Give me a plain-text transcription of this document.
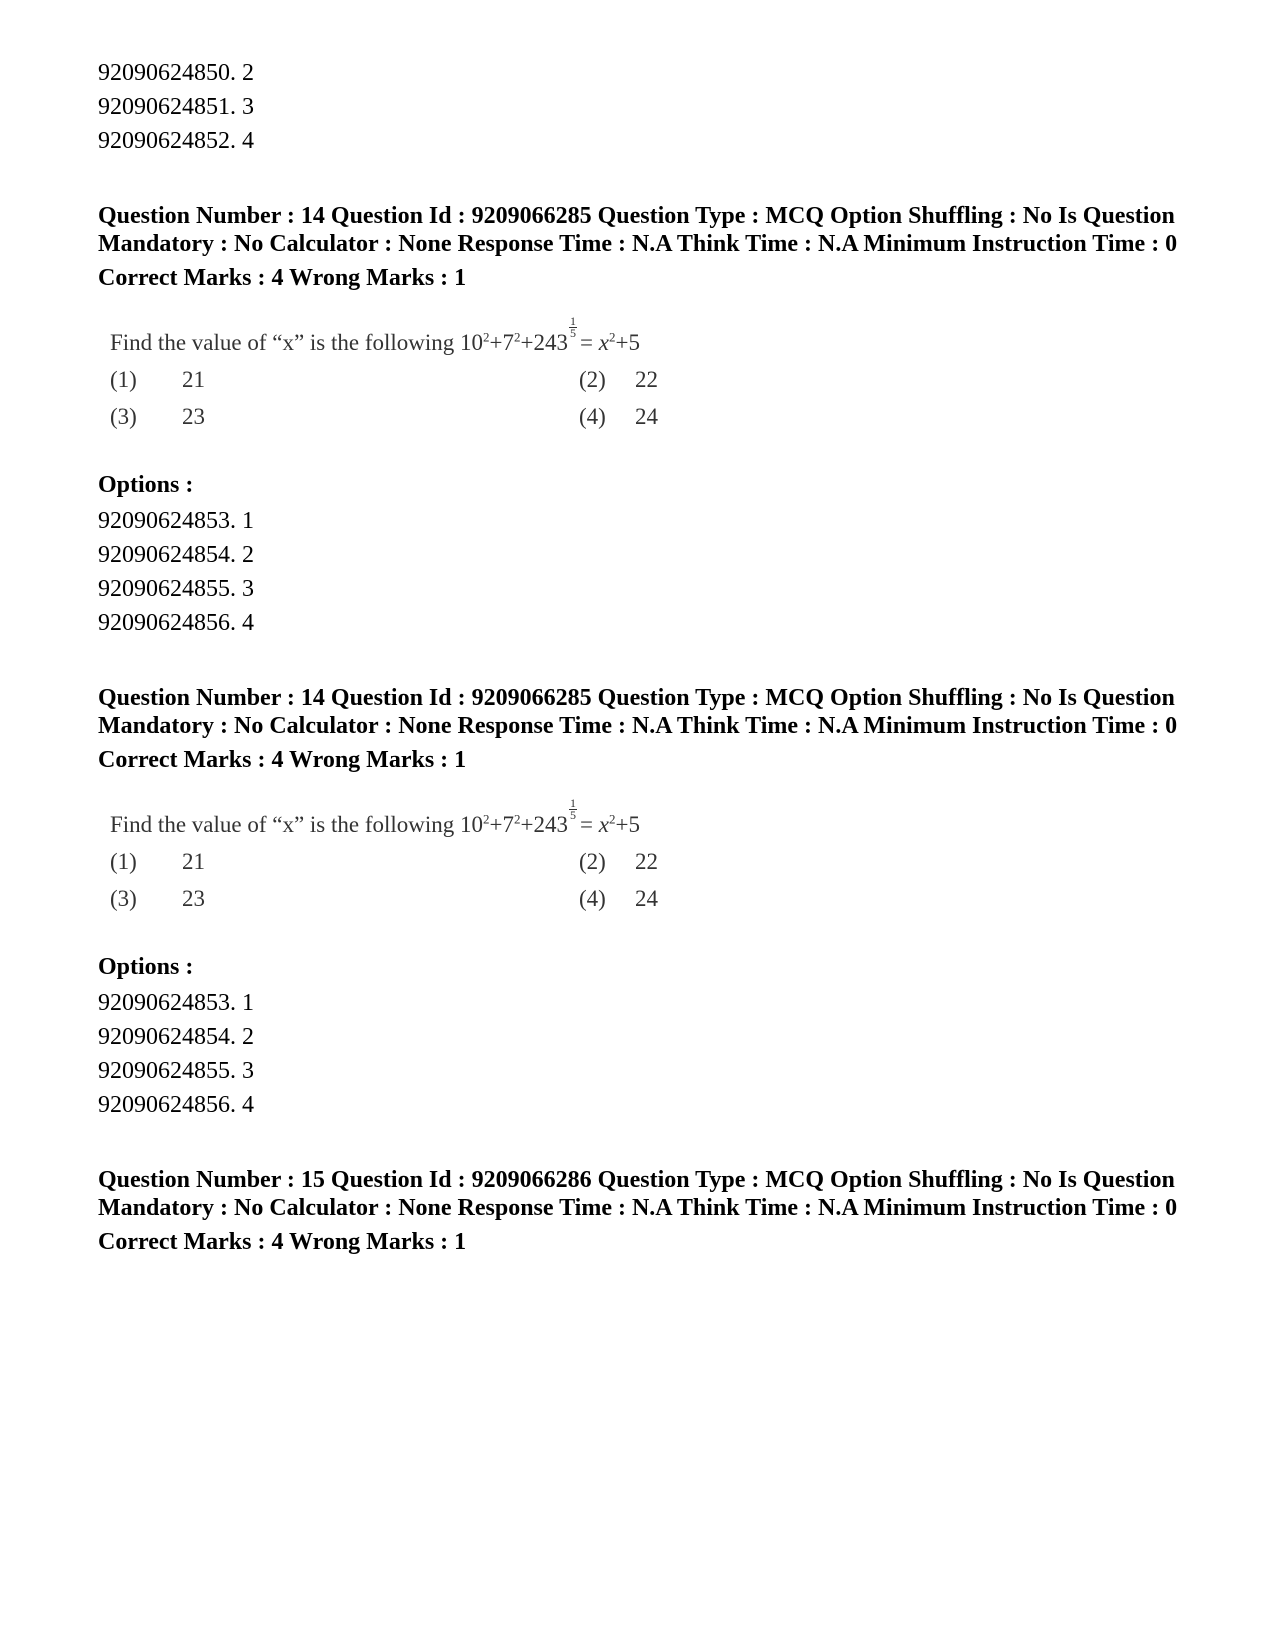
92090624850. 2
92090624851. 3
92090624852. 4
Question Number : 14 Question Id : 9209066285 Question Type : MCQ Option Shuffling : No Is Question Mandatory : No Calculator : None Response Time : N.A Think Time : N.A Minimum Instruction Time : 0
Correct Marks : 4 Wrong Marks : 1
Find the value of “x” is the following $10^2+7^2+243$
$\frac{1}{5}$
= $x^2+5$
(1) 21	(2) 22
(3) 23	(4) 24
Options :
92090624853. 1
92090624854. 2
92090624855. 3
92090624856. 4
Question Number : 14 Question Id : 9209066285 Question Type : MCQ Option Shuffling : No Is Question Mandatory : No Calculator : None Response Time : N.A Think Time : N.A Minimum Instruction Time : 0
Correct Marks : 4 Wrong Marks : 1
Find the value of “x” is the following $10^2+7^2+243$
$\frac{1}{5}$
= $x^2+5$
(1) 21	(2) 22
(3) 23	(4) 24
Options :
92090624853. 1
92090624854. 2
92090624855. 3
92090624856. 4
Question Number : 15 Question Id : 9209066286 Question Type : MCQ Option Shuffling : No Is Question Mandatory : No Calculator : None Response Time : N.A Think Time : N.A Minimum Instruction Time : 0
Correct Marks : 4 Wrong Marks : 1
